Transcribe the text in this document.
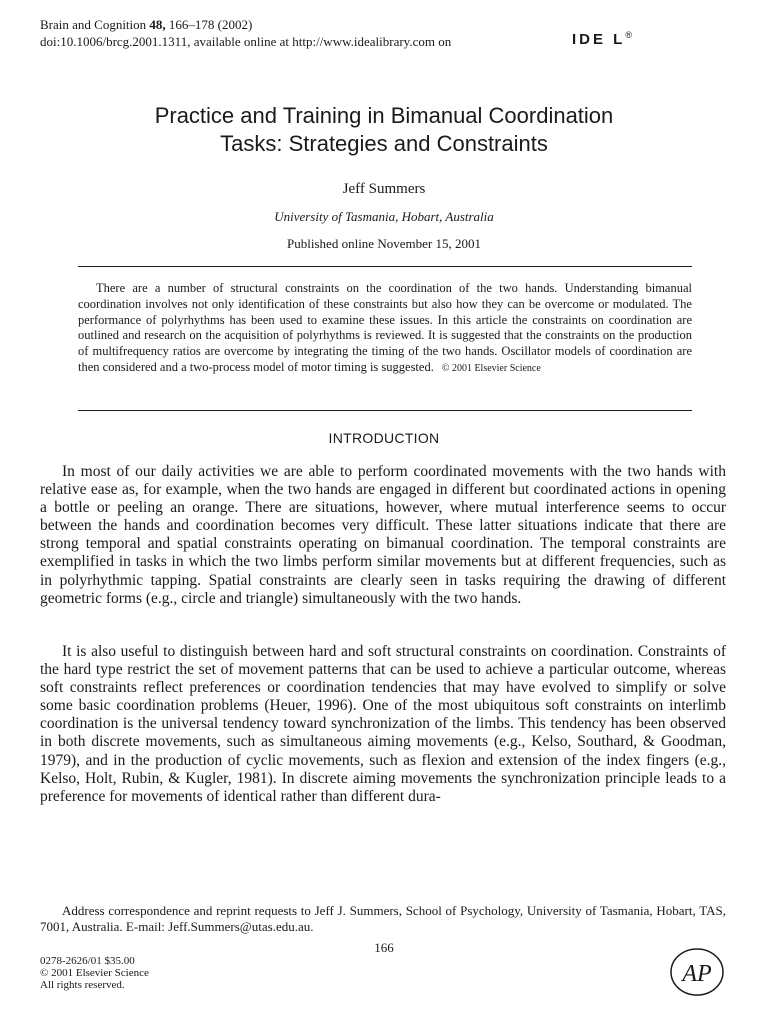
Brain and Cognition 48, 166–178 (2002)
doi:10.1006/brcg.2001.1311, available online at http://www.idealibrary.com on	IDE L®
Practice and Training in Bimanual Coordination
Tasks: Strategies and Constraints
Jeff Summers
University of Tasmania, Hobart, Australia
Published online November 15, 2001

There are a number of structural constraints on the coordination of the two hands. Understanding bimanual coordination involves not only identification of these constraints but also how they can be overcome or modulated. The performance of polyrhythms has been used to examine these issues. In this article the constraints on coordination are outlined and research on the acquisition of polyrhythms is reviewed. It is suggested that the constraints on the production of multifrequency ratios are overcome by integrating the timing of the two hands. Oscillator models of coordination are then considered and a two-process model of motor timing is suggested. © 2001 Elsevier Science

INTRODUCTION

In most of our daily activities we are able to perform coordinated movements with the two hands with relative ease as, for example, when the two hands are engaged in different but coordinated actions in opening a bottle or peeling an orange. There are situations, however, where mutual interference seems to occur between the hands and coordination becomes very difficult. These latter situations indicate that there are strong temporal and spatial constraints operating on bimanual coordination. The temporal constraints are exemplified in tasks in which the two limbs perform similar movements but at different frequencies, such as in polyrhythmic tapping. Spatial constraints are clearly seen in tasks requiring the drawing of different geometric forms (e.g., circle and triangle) simultaneously with the two hands.

It is also useful to distinguish between hard and soft structural constraints on coordination. Constraints of the hard type restrict the set of movement patterns that can be used to achieve a particular outcome, whereas soft constraints reflect preferences or coordination tendencies that may have evolved to simplify or solve some basic coordination problems (Heuer, 1996). One of the most ubiquitous soft constraints on interlimb coordination is the universal tendency toward synchronization of the limbs. This tendency has been observed in both discrete movements, such as simultaneous aiming movements (e.g., Kelso, Southard, & Goodman, 1979), and in the production of cyclic movements, such as flexion and extension of the index fingers (e.g., Kelso, Holt, Rubin, & Kugler, 1981). In discrete aiming movements the synchronization principle leads to a preference for movements of identical rather than different dura-

Address correspondence and reprint requests to Jeff J. Summers, School of Psychology, University of Tasmania, Hobart, TAS, 7001, Australia. E-mail: Jeff.Summers@utas.edu.au.

166
0278-2626/01 $35.00
© 2001 Elsevier Science
All rights reserved.	AP
